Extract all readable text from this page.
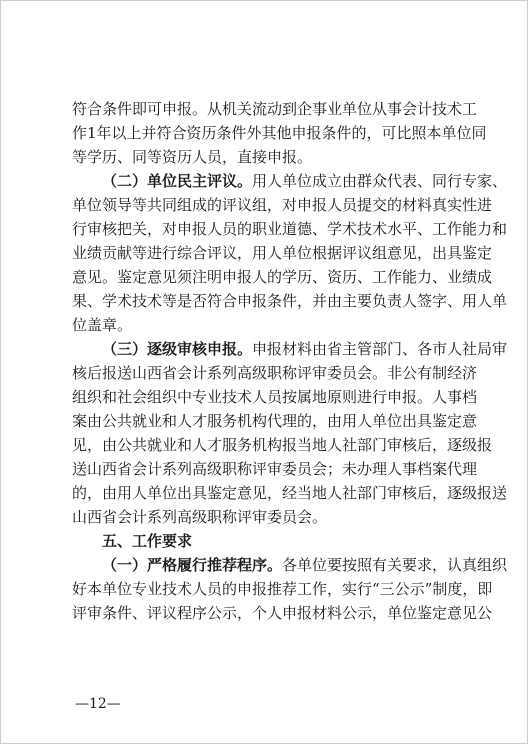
符合条件即可申报。从机关流动到企事业单位从事会计技术工
作1年以上并符合资历条件外其他申报条件的，可比照本单位同
等学历、同等资历人员，直接申报。
（二）单位民主评议。用人单位成立由群众代表、同行专家、
单位领导等共同组成的评议组，对申报人员提交的材料真实性进
行审核把关，对申报人员的职业道德、学术技术水平、工作能力和
业绩贡献等进行综合评议，用人单位根据评议组意见，出具鉴定
意见。鉴定意见须注明申报人的学历、资历、工作能力、业绩成
果、学术技术等是否符合申报条件，并由主要负责人签字、用人单
位盖章。
（三）逐级审核申报。申报材料由省主管部门、各市人社局审
核后报送山西省会计系列高级职称评审委员会。非公有制经济
组织和社会组织中专业技术人员按属地原则进行申报。人事档
案由公共就业和人才服务机构代理的，由用人单位出具鉴定意
见，由公共就业和人才服务机构报当地人社部门审核后，逐级报
送山西省会计系列高级职称评审委员会；未办理人事档案代理
的，由用人单位出具鉴定意见，经当地人社部门审核后，逐级报送
山西省会计系列高级职称评审委员会。
五、工作要求
（一）严格履行推荐程序。各单位要按照有关要求，认真组织
好本单位专业技术人员的申报推荐工作，实行“三公示”制度，即
评审条件、评议程序公示，个人申报材料公示，单位鉴定意见公
—12—
